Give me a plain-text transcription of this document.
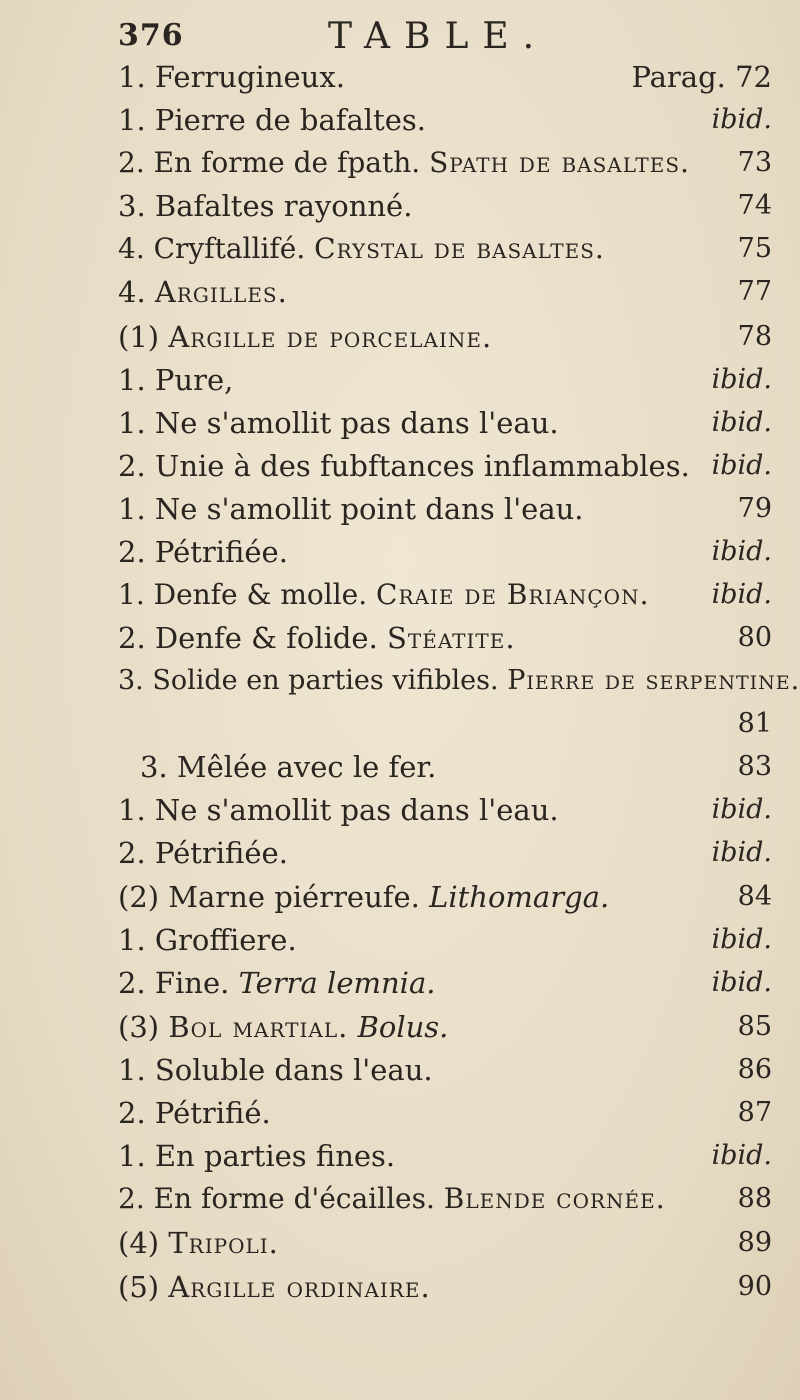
376	TABLE.
1. Ferrugineux.	Parag. 72
1. Pierre de bafaltes.	ibid.
2. En forme de fpath. Spath de basaltes. 73
3. Bafaltes rayonné.	74
4. Cryftallifé. Crystal de basaltes.	75
4. Argilles.	77
(1) Argille de porcelaine.	78
1. Pure,	ibid.
1. Ne s'amollit pas dans l'eau.	ibid.
2. Unie à des fubftances inflammables. ibid.
1. Ne s'amollit point dans l'eau.	79
2. Pétrifiée.	ibid.
1. Denfe & molle. Craie de Briançon. ibid.
2. Denfe & folide. Stéatite.	80
3. Solide en parties vifibles. Pierre de serpentine.
81
3. Mêlée avec le fer.	83
1. Ne s'amollit pas dans l'eau.	ibid.
2. Pétrifiée.	ibid.
(2) Marne piérreufe. Lithomarga.	84
1. Groffiere.	ibid.
2. Fine. Terra lemnia.	ibid.
(3) Bol martial. Bolus.	85
1. Soluble dans l'eau.	86
2. Pétrifié.	87
1. En parties fines.	ibid.
2. En forme d'écailles. Blende cornée.	88
(4) Tripoli.	89
(5) Argille ordinaire.	90
